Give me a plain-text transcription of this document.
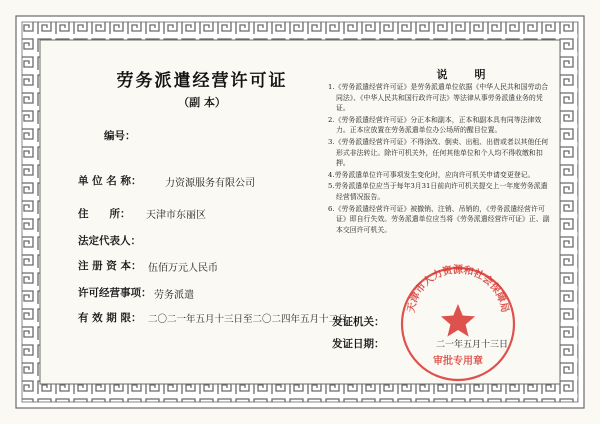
劳务派遣经营许可证
（副 本）
编号：
单 位 名 称： 力资源服务有限公司
住　　所： 天津市东丽区
法定代表人：
注 册 资 本： 伍佰万元人民币
许可经营事项： 劳务派遣
有 效 期 限： 二〇二一年五月十三日至二〇二四年五月十二日
发证机关：
发证日期：	二一年五月十三日
说　明
1.《劳务派遣经营许可证》是劳务派遣单位依据《中华人民共和国劳动合同法》、《中华人民共和国行政许可法》等法律从事劳务派遣业务的凭证。
2.《劳务派遣经营许可证》分正本和副本，正本和副本具有同等法律效力。正本应放置在劳务派遣单位办公场所的醒目位置。
3.《劳务派遣经营许可证》不得涂改、倒卖、出租、出借或者以其他任何形式非法转让。除许可机关外，任何其他单位和个人均不得收缴和扣押。
4.劳务派遣单位许可事项发生变化时，应向许可机关申请变更登记。
5.劳务派遣单位应当于每年3月31日前向许可机关提交上一年度劳务派遣经营情况报告。
6.《劳务派遣经营许可证》被撤销、注销、吊销的，《劳务派遣经营许可证》即自行失效。劳务派遣单位应当将《劳务派遣经营许可证》正、副本交回许可机关。
天津市人力资源和社会保障局
审批专用章
